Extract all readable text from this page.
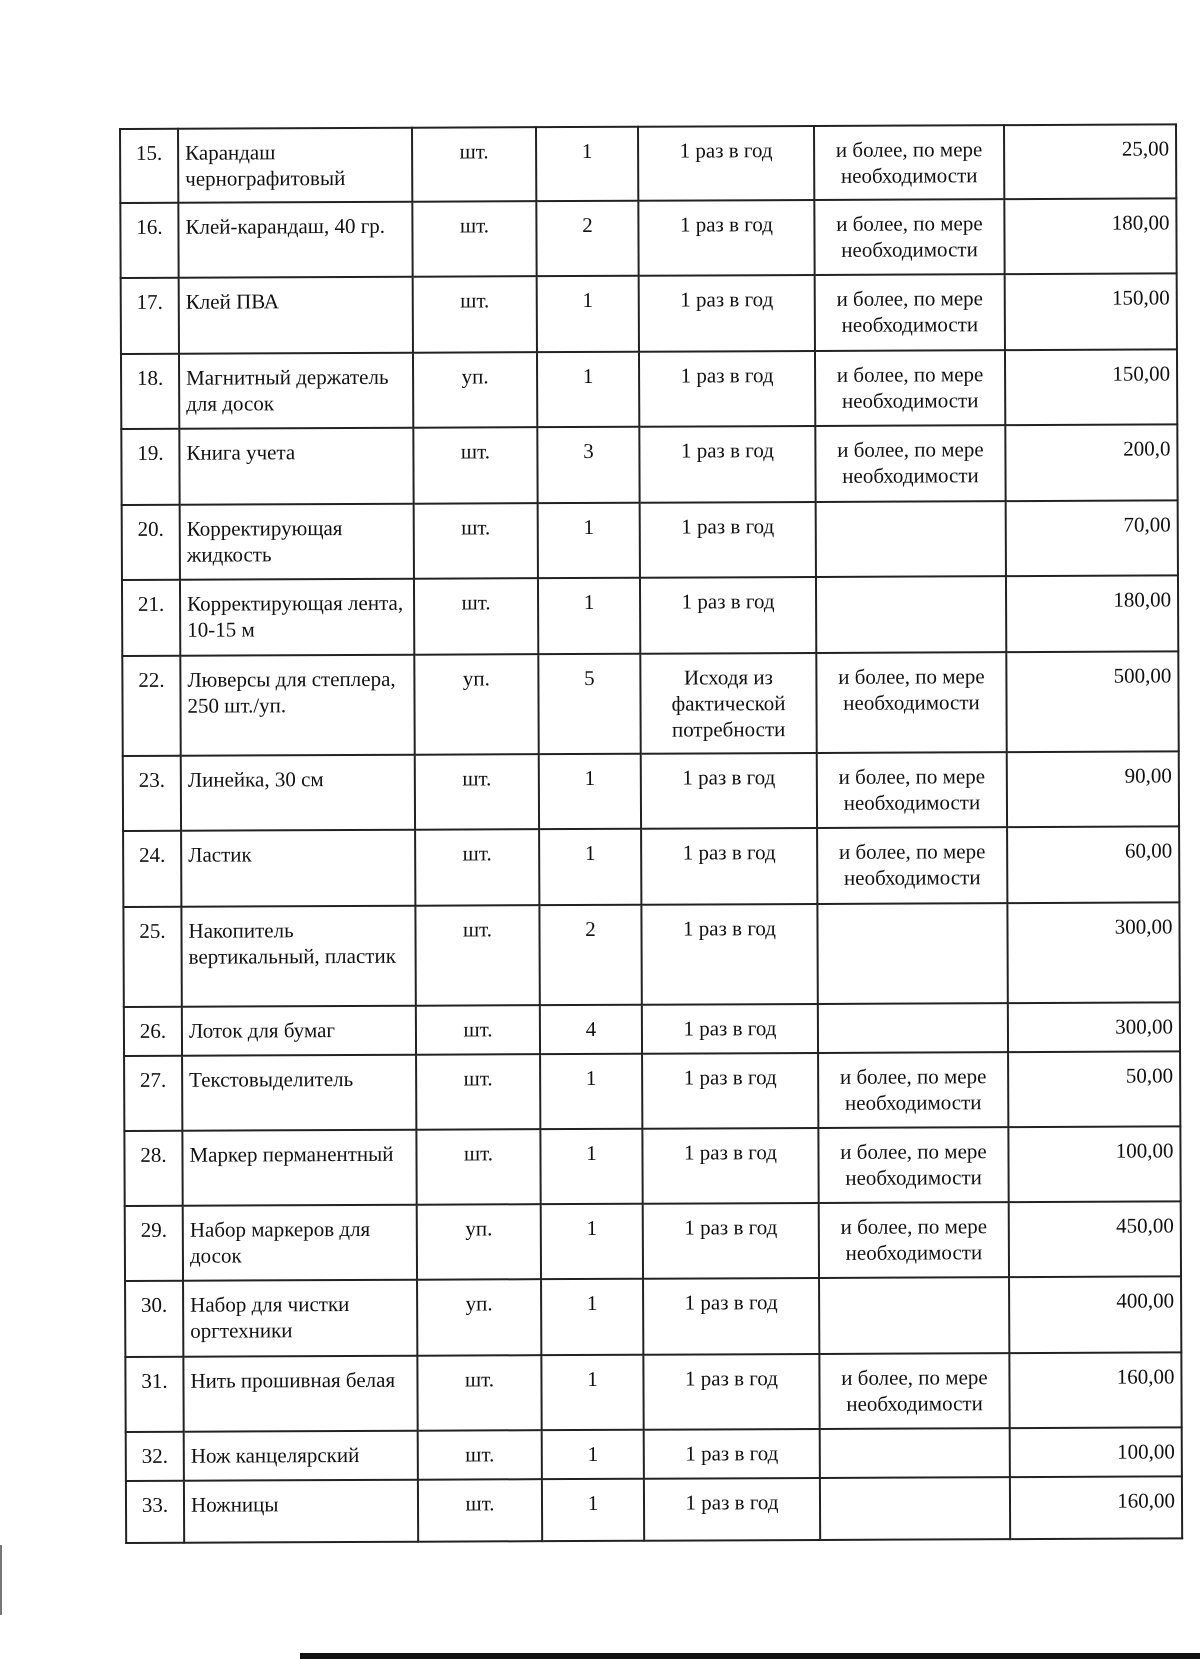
15.	Карандаш чернографитовый	шт.	1	1 раз в год	и более, по мере необходимости	25,00
16.	Клей-карандаш, 40 гр.	шт.	2	1 раз в год	и более, по мере необходимости	180,00
17.	Клей ПВА	шт.	1	1 раз в год	и более, по мере необходимости	150,00
18.	Магнитный держатель для досок	уп.	1	1 раз в год	и более, по мере необходимости	150,00
19.	Книга учета	шт.	3	1 раз в год	и более, по мере необходимости	200,0
20.	Корректирующая жидкость	шт.	1	1 раз в год		70,00
21.	Корректирующая лента, 10-15 м	шт.	1	1 раз в год		180,00
22.	Люверсы для степлера, 250 шт./уп.	уп.	5	Исходя из фактической потребности	и более, по мере необходимости	500,00
23.	Линейка, 30 см	шт.	1	1 раз в год	и более, по мере необходимости	90,00
24.	Ластик	шт.	1	1 раз в год	и более, по мере необходимости	60,00
25.	Накопитель вертикальный, пластик	шт.	2	1 раз в год		300,00
26.	Лоток для бумаг	шт.	4	1 раз в год		300,00
27.	Текстовыделитель	шт.	1	1 раз в год	и более, по мере необходимости	50,00
28.	Маркер перманентный	шт.	1	1 раз в год	и более, по мере необходимости	100,00
29.	Набор маркеров для досок	уп.	1	1 раз в год	и более, по мере необходимости	450,00
30.	Набор для чистки оргтехники	уп.	1	1 раз в год		400,00
31.	Нить прошивная белая	шт.	1	1 раз в год	и более, по мере необходимости	160,00
32.	Нож канцелярский	шт.	1	1 раз в год		100,00
33.	Ножницы	шт.	1	1 раз в год		160,00
